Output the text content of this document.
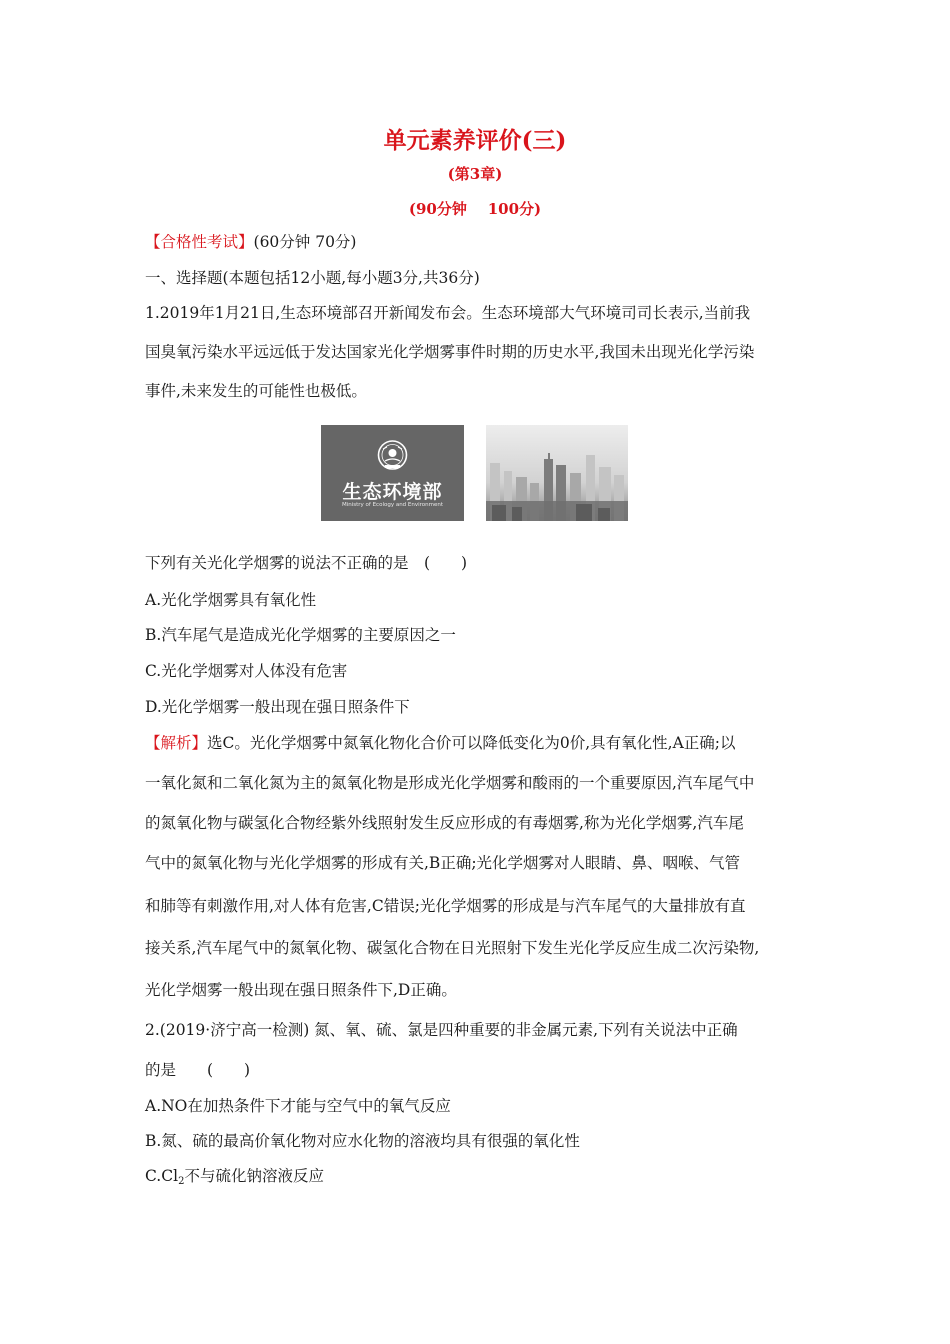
单元素养评价(三)
(第3章)
(90分钟    100分)
【合格性考试】(60分钟 70分)
一、选择题(本题包括12小题,每小题3分,共36分)
1.2019年1月21日,生态环境部召开新闻发布会。生态环境部大气环境司司长表示,当前我
国臭氧污染水平远远低于发达国家光化学烟雾事件时期的历史水平,我国未出现光化学污染
事件,未来发生的可能性也极低。
生态环境部
Ministry of Ecology and Environment
下列有关光化学烟雾的说法不正确的是　(　　)
A.光化学烟雾具有氧化性
B.汽车尾气是造成光化学烟雾的主要原因之一
C.光化学烟雾对人体没有危害
D.光化学烟雾一般出现在强日照条件下
【解析】选C。光化学烟雾中氮氧化物化合价可以降低变化为0价,具有氧化性,A正确;以
一氧化氮和二氧化氮为主的氮氧化物是形成光化学烟雾和酸雨的一个重要原因,汽车尾气中
的氮氧化物与碳氢化合物经紫外线照射发生反应形成的有毒烟雾,称为光化学烟雾,汽车尾
气中的氮氧化物与光化学烟雾的形成有关,B正确;光化学烟雾对人眼睛、鼻、咽喉、气管
和肺等有刺激作用,对人体有危害,C错误;光化学烟雾的形成是与汽车尾气的大量排放有直
接关系,汽车尾气中的氮氧化物、碳氢化合物在日光照射下发生光化学反应生成二次污染物,
光化学烟雾一般出现在强日照条件下,D正确。
2.(2019·济宁高一检测) 氮、氧、硫、氯是四种重要的非金属元素,下列有关说法中正确
的是　　(　　)
A.NO在加热条件下才能与空气中的氧气反应
B.氮、硫的最高价氧化物对应水化物的溶液均具有很强的氧化性
$C.Cl_2$不与硫化钠溶液反应
